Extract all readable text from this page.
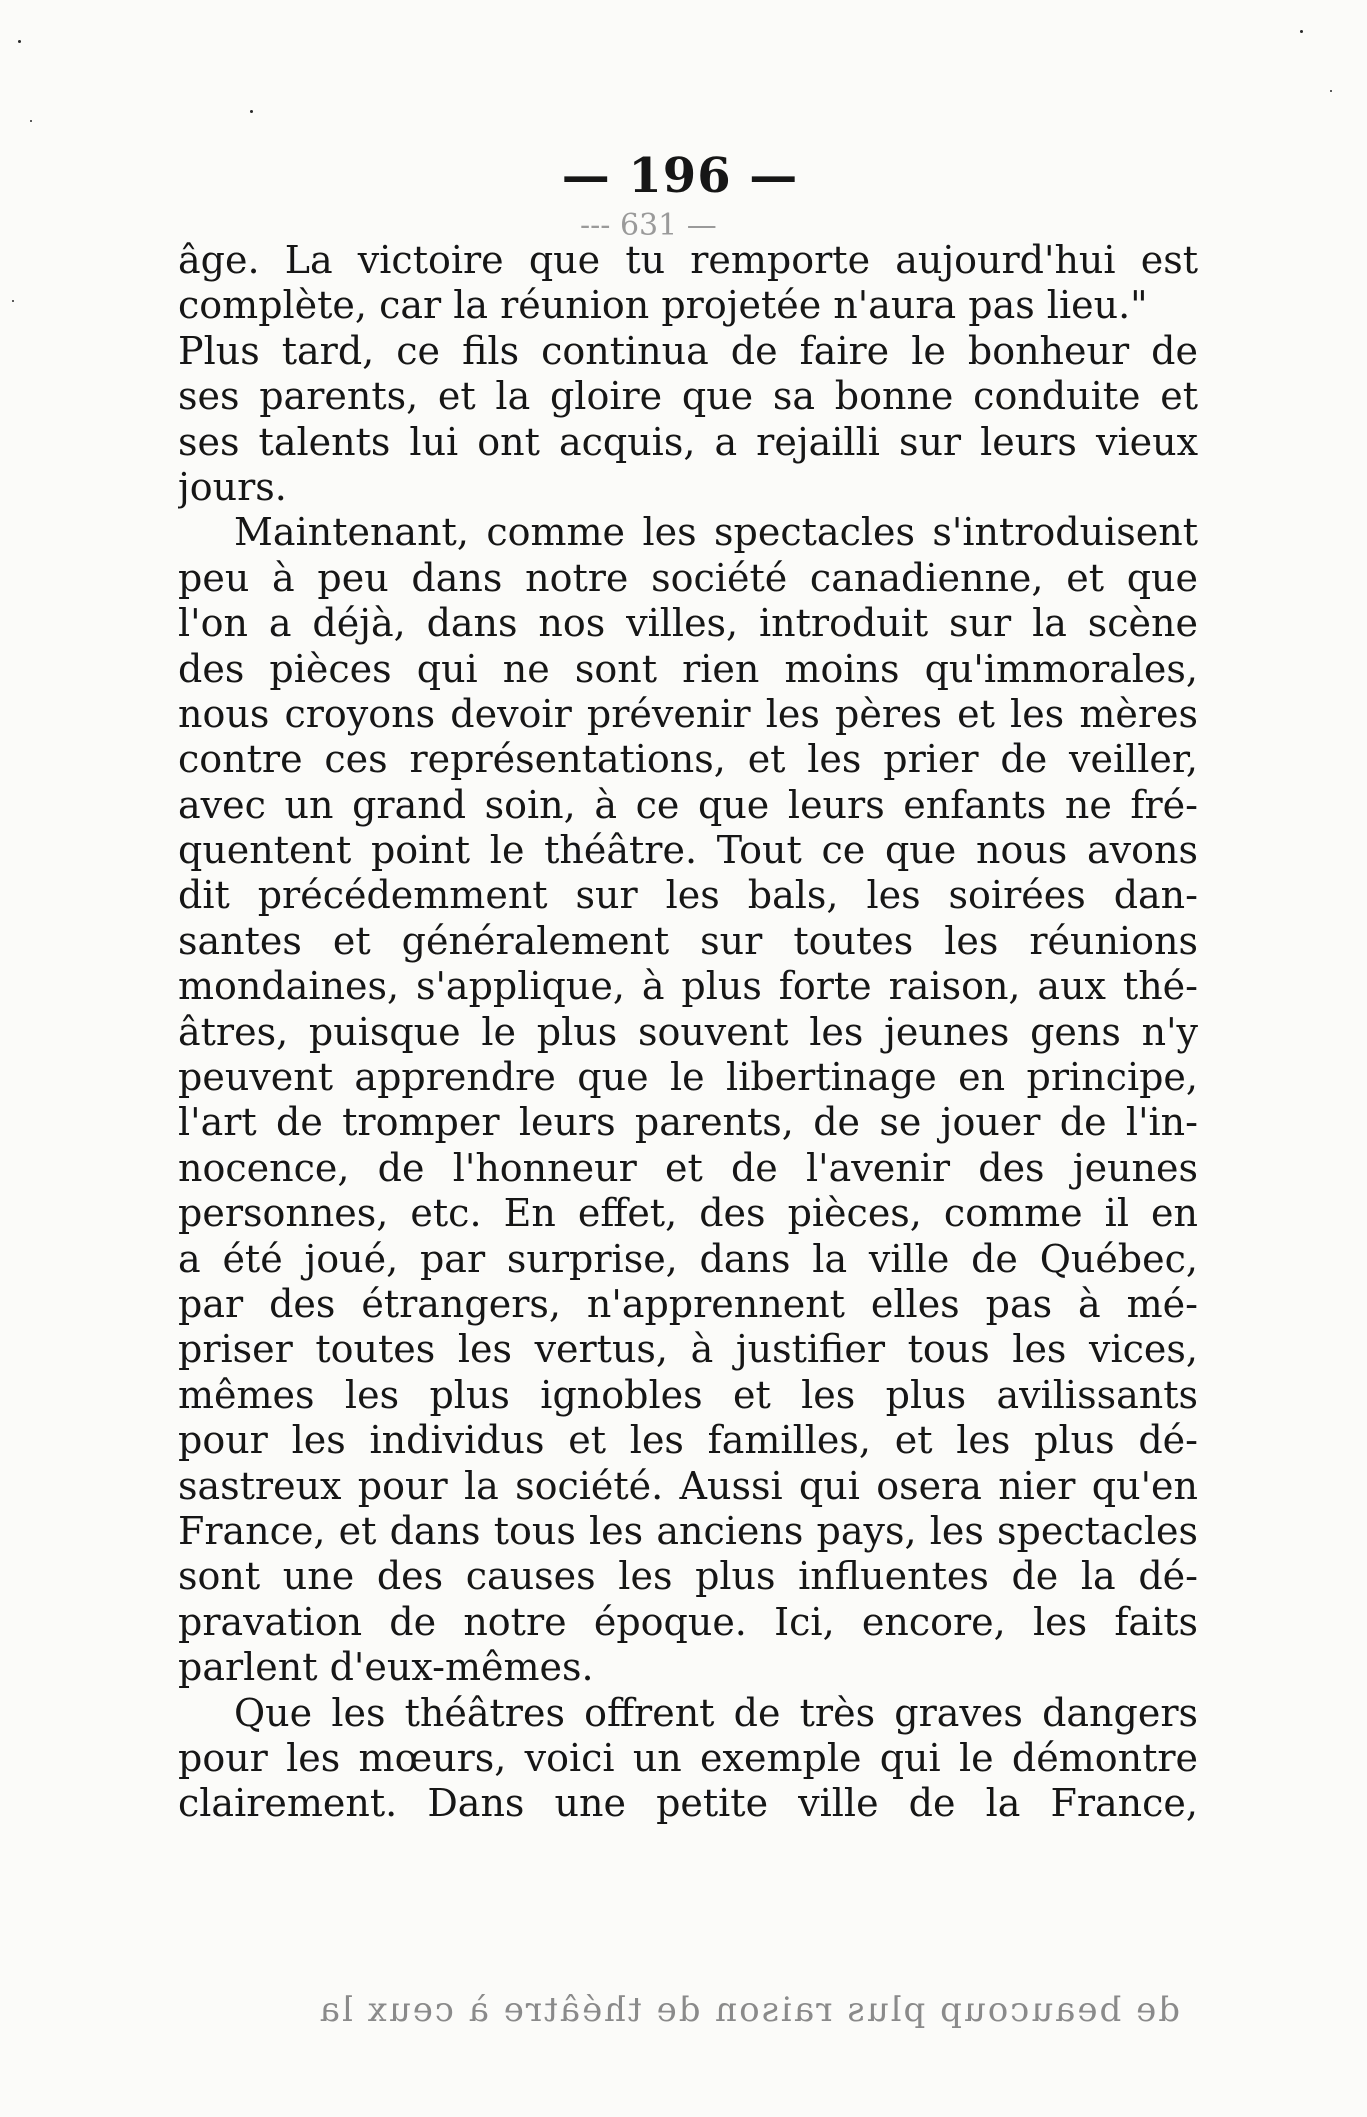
— 196 —
--- 631 —
âge. La victoire que tu remporte aujourd'hui est
complète, car la réunion projetée n'aura pas lieu."
Plus tard, ce fils continua de faire le bonheur de
ses parents, et la gloire que sa bonne conduite et
ses talents lui ont acquis, a rejailli sur leurs vieux
jours.
Maintenant, comme les spectacles s'introduisent
peu à peu dans notre société canadienne, et que
l'on a déjà, dans nos villes, introduit sur la scène
des pièces qui ne sont rien moins qu'immorales,
nous croyons devoir prévenir les pères et les mères
contre ces représentations, et les prier de veiller,
avec un grand soin, à ce que leurs enfants ne fré-
quentent point le théâtre. Tout ce que nous avons
dit précédemment sur les bals, les soirées dan-
santes et généralement sur toutes les réunions
mondaines, s'applique, à plus forte raison, aux thé-
âtres, puisque le plus souvent les jeunes gens n'y
peuvent apprendre que le libertinage en principe,
l'art de tromper leurs parents, de se jouer de l'in-
nocence, de l'honneur et de l'avenir des jeunes
personnes, etc. En effet, des pièces, comme il en
a été joué, par surprise, dans la ville de Québec,
par des étrangers, n'apprennent elles pas à mé-
priser toutes les vertus, à justifier tous les vices,
mêmes les plus ignobles et les plus avilissants
pour les individus et les familles, et les plus dé-
sastreux pour la société. Aussi qui osera nier qu'en
France, et dans tous les anciens pays, les spectacles
sont une des causes les plus influentes de la dé-
pravation de notre époque. Ici, encore, les faits
parlent d'eux-mêmes.
Que les théâtres offrent de très graves dangers
pour les mœurs, voici un exemple qui le démontre
clairement. Dans une petite ville de la France,
de beaucoup plus raison de théâtre à ceux la
